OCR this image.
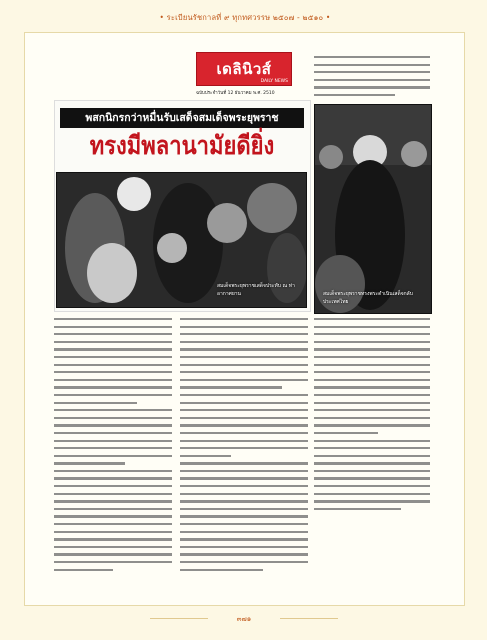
• ระเบียนรัชกาลที่ ๙ ทุกทศวรรษ ๒๕๐๗ - ๒๕๑๐ •
เดลินิวส์
DAILY NEWS
ฉบับประจำวันที่ 12 ธันวาคม พ.ศ. 2510
พสกนิกรกว่าหมื่นรับเสด็จสมเด็จพระยุพราช
ทรงมีพลานามัยดียิ่ง
สมเด็จพระยุพราชเสด็จประทับ ณ ท่าอากาศยาน	สมเด็จพระยุพราชทรงพระดำเนินเสด็จกลับประเทศไทย
๓๗๑
